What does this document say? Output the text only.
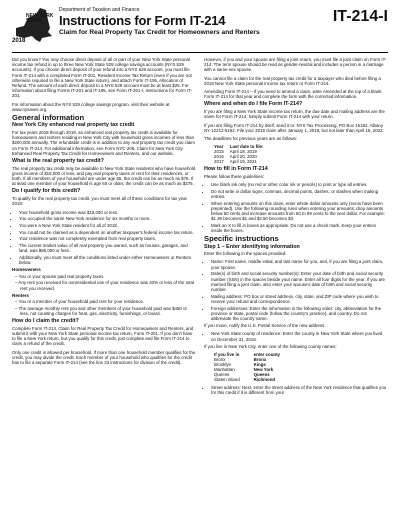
NEW YORK STATE
2018
Department of Taxation and Finance
Instructions for Form IT-214
Claim for Real Property Tax Credit for Homeowners and Renters
IT-214-I

Did you know? You may choose direct deposit of all or part of your New York State personal income tax refund in up to three New York State 529 college savings accounts (NYS 529 accounts). If you choose direct deposit of your refund into a NYS 529 account, you must file Form IT-214 with a completed Form IT-201, Resident Income Tax Return (even if you are not otherwise required to file a New York State return), and attach Form IT-195, Allocation of Refund. The amount of each direct deposit to a NYS 529 account must be at least $25. For information about filing Forms IT-201 and IT-195, see Form IT-201-I, Instructions for Form IT-201.

For information about the NYS 529 college savings program, visit their website at www.nysaves.org.

General information
New York City enhanced real property tax credit

For tax years 2018 through 2019, an enhanced real property tax credit is available for homeowners and renters residing in New York City with household gross incomes of less than $200,000 annually. The refundable credit is in addition to any real property tax credit you claim on Form IT-214. For additional information, see Form NYC-208, Claim for New York City Enhanced Real Property Tax Credit for Homeowners and Renters, and our website.

What is the real property tax credit?

The real property tax credit may be available to New York State residents who have household gross income of $18,000 or less, and pay real property taxes or rent for their residences, or both. If all members of your household are under age 65, the credit can be as much as $75. If at least one member of your household is age 65 or older, the credit can be as much as $375.

Do I qualify for this credit?

To qualify for the real property tax credit, you must meet all of these conditions for tax year 2018:

• Your household gross income was $18,000 or less.
• You occupied the same New York residence for six months or more.
• You were a New York State resident for all of 2018.
• You could not be claimed as a dependent on another taxpayer's federal income tax return.
• Your residence was not completely exempted from real property taxes.
• The current market value of all real property you owned, such as houses, garages, and land, was $85,000 or less.
• Additionally, you must meet all the conditions listed under either Homeowners or Renters below.
Homeowners
– You or your spouse paid real property taxes.
– Any rent you received for nonresidential use of your residence was 20% or less of the total rent you received.
Renters
– You or a member of your household paid rent for your residence.
– The average monthly rent you and other members of your household paid was $450 or less, not counting charges for heat, gas, electricity, furnishings, or board.
How do I claim the credit?

Complete Form IT-214, Claim for Real Property Tax Credit for Homeowners and Renters, and submit it with your New York State personal income tax return, Form IT-201. If you don't have to file a New York return, but you qualify for this credit, just complete and file Form IT-214 to claim a refund of the credit.

Only one credit is allowed per household. If more than one household member qualifies for the credit, you may divide the credit. Each member of your household who qualifies for the credit has to file a separate Form IT-214 (see the line 33 instructions for division of the credit).

However, if you and your spouse are filing a joint return, you must file a joint claim on Form IT-214. The term spouse should be read as gender-neutral and includes a person in a marriage with a same-sex spouse.

You cannot file a claim for the real property tax credit for a taxpayer who died before filing a 2018 New York State personal income tax return or Form IT-214.

Amending Form IT-214 – If you need to amend a claim, write Amended at the top of a blank Form IT-214 for that year and complete the form with the corrected information.

Where and when do I file Form IT-214?

If you are filing a New York State income tax return, the due date and mailing address are the same for Form IT-214. Simply submit Form IT-214 with your return.

If you are filing Form IT-214 by itself, send it to: NYS Tax Processing, PO Box 15192, Albany NY 12212-5192. File your 2018 claim after January 1, 2019, but not later than April 15, 2022.

The deadlines for previous years are as follows:

Year	Last date to file:
2015	April 18, 2019
2016	April 20, 2020
2017	April 19, 2021
How to fill in Form IT-214

Please follow these guidelines:

• Use black ink only (no red or other color ink or pencils) to print or type all entries.
• Do not write in dollar signs, commas, decimal points, dashes, or slashes when making entries.
• When entering amounts on this claim, enter whole dollar amounts only (zeros have been preprinted). Use the following rounding rules when entering your amounts; drop amounts below 50 cents and increase amounts from 50 to 99 cents to the next dollar. For example: $1.39 becomes $1 and $2.50 becomes $3.
• Mark an X to fill in boxes as appropriate. Do not use a check mark. Keep your entries inside the boxes.
Specific instructions
Step 1 – Enter identifying information

Enter the following in the spaces provided.

• Name: First name, middle initial, and last name for you, and, if you are filing a joint claim, your spouse.
• Date(s) of birth and social security number(s): Enter your date of birth and social security number (SSN) in the spaces beside your name. Enter all four digits for the year. If you are married filing a joint claim, also enter your spouse's date of birth and social security number.
• Mailing address: PO box or street address, city, state, and ZIP code where you wish to receive your refund and correspondence.
• Foreign addresses: Enter the information in the following order: city, abbreviation for the province or state, postal code (follow the country's practice), and country. Do not abbreviate the country name.

If you move, notify the U.S. Postal Service of the new address.

• New York State county of residence: Enter the county in New York State where you lived on December 31, 2018.

If you live in New York City, enter one of the following county names:

If you live in	enter county
Bronx	Bronx
Brooklyn	Kings
Manhattan	New York
Queens	Queens
Staten Island	Richmond
• Street address: Next, enter the street address of the New York residence that qualifies you for this credit if it is different from your
